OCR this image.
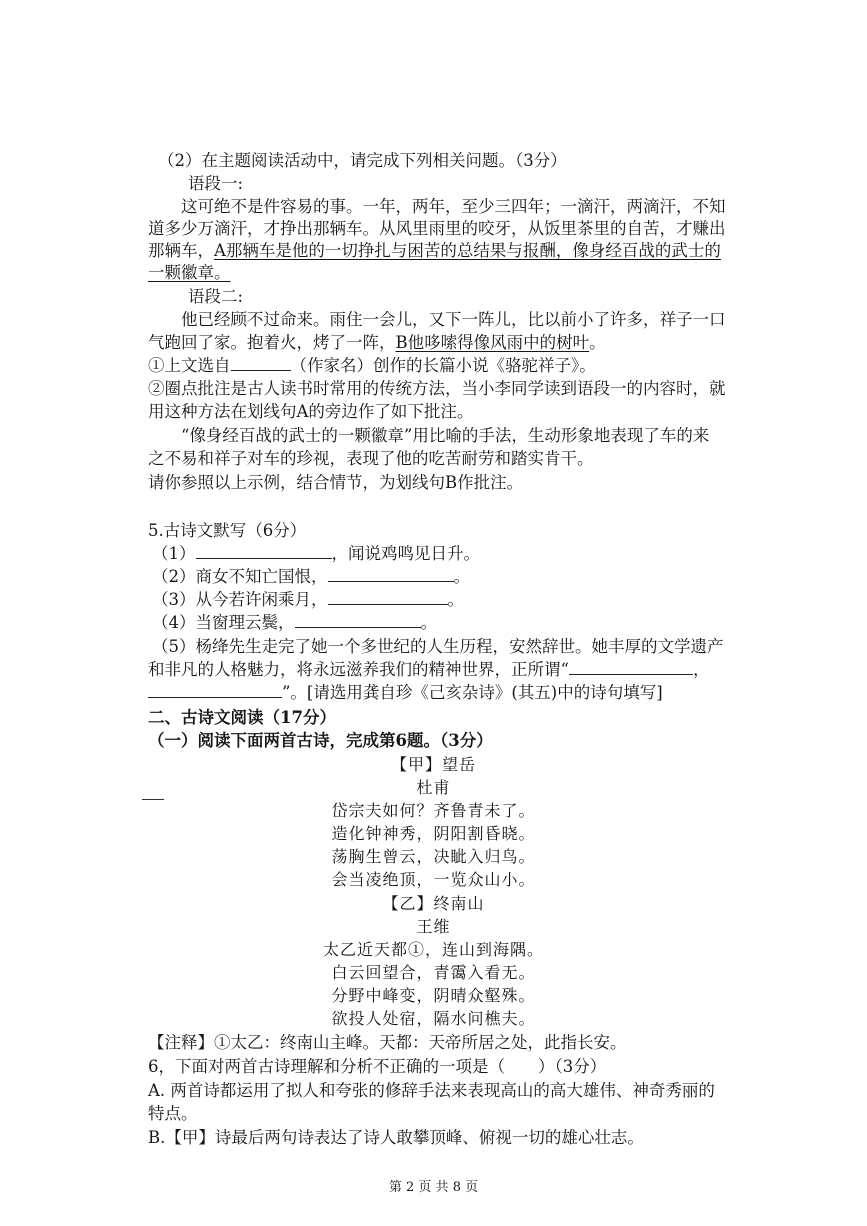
（2）在主题阅读活动中，请完成下列相关问题。（3分）
语段一:
这可绝不是件容易的事。一年，两年，至少三四年；一滴汗，两滴汗，不知
道多少万滴汗，才挣出那辆车。从风里雨里的咬牙，从饭里茶里的自苦，才赚出
那辆车，A那辆车是他的一切挣扎与困苦的总结果与报酬，像身经百战的武士的
一颗徽章。
语段二:
他已经顾不过命来。雨住一会儿，又下一阵儿，比以前小了许多，祥子一口
气跑回了家。抱着火，烤了一阵，B他哆嗦得像风雨中的树叶。
①上文选自	（作家名）创作的长篇小说《骆驼祥子》。
②圈点批注是古人读书时常用的传统方法，当小李同学读到语段一的内容时，就
用这种方法在划线句A的旁边作了如下批注。
“像身经百战的武士的一颗徽章”用比喻的手法，生动形象地表现了车的来
之不易和祥子对车的珍视，表现了他的吃苦耐劳和踏实肯干。
请你参照以上示例，结合情节，为划线句B作批注。
5.古诗文默写（6分）
（1）	，闻说鸡鸣见日升。
（2）商女不知亡国恨，	。
（3）从今若许闲乘月，	。
（4）当窗理云鬓，	。
（5）杨绛先生走完了她一个多世纪的人生历程，安然辞世。她丰厚的文学遗产
和非凡的人格魅力，将永远滋养我们的精神世界，正所谓“	，
”。[请选用龚自珍《己亥杂诗》(其五)中的诗句填写]
二、古诗文阅读（17分）
（一）阅读下面两首古诗，完成第6题。（3分）
【甲】望岳
杜甫
岱宗夫如何？齐鲁青未了。
造化钟神秀，阴阳割昏晓。
荡胸生曾云，决眦入归鸟。
会当凌绝顶，一览众山小。
【乙】终南山
王维
太乙近天都①，连山到海隅。
白云回望合，青霭入看无。
分野中峰变，阴晴众壑殊。
欲投人处宿，隔水问樵夫。
【注释】①太乙：终南山主峰。天都：天帝所居之处，此指长安。
6，下面对两首古诗理解和分析不正确的一项是（　　）（3分）
A. 两首诗都运用了拟人和夸张的修辞手法来表现高山的高大雄伟、神奇秀丽的
特点。
B.【甲】诗最后两句诗表达了诗人敢攀顶峰、俯视一切的雄心壮志。
第 2 页 共 8 页
